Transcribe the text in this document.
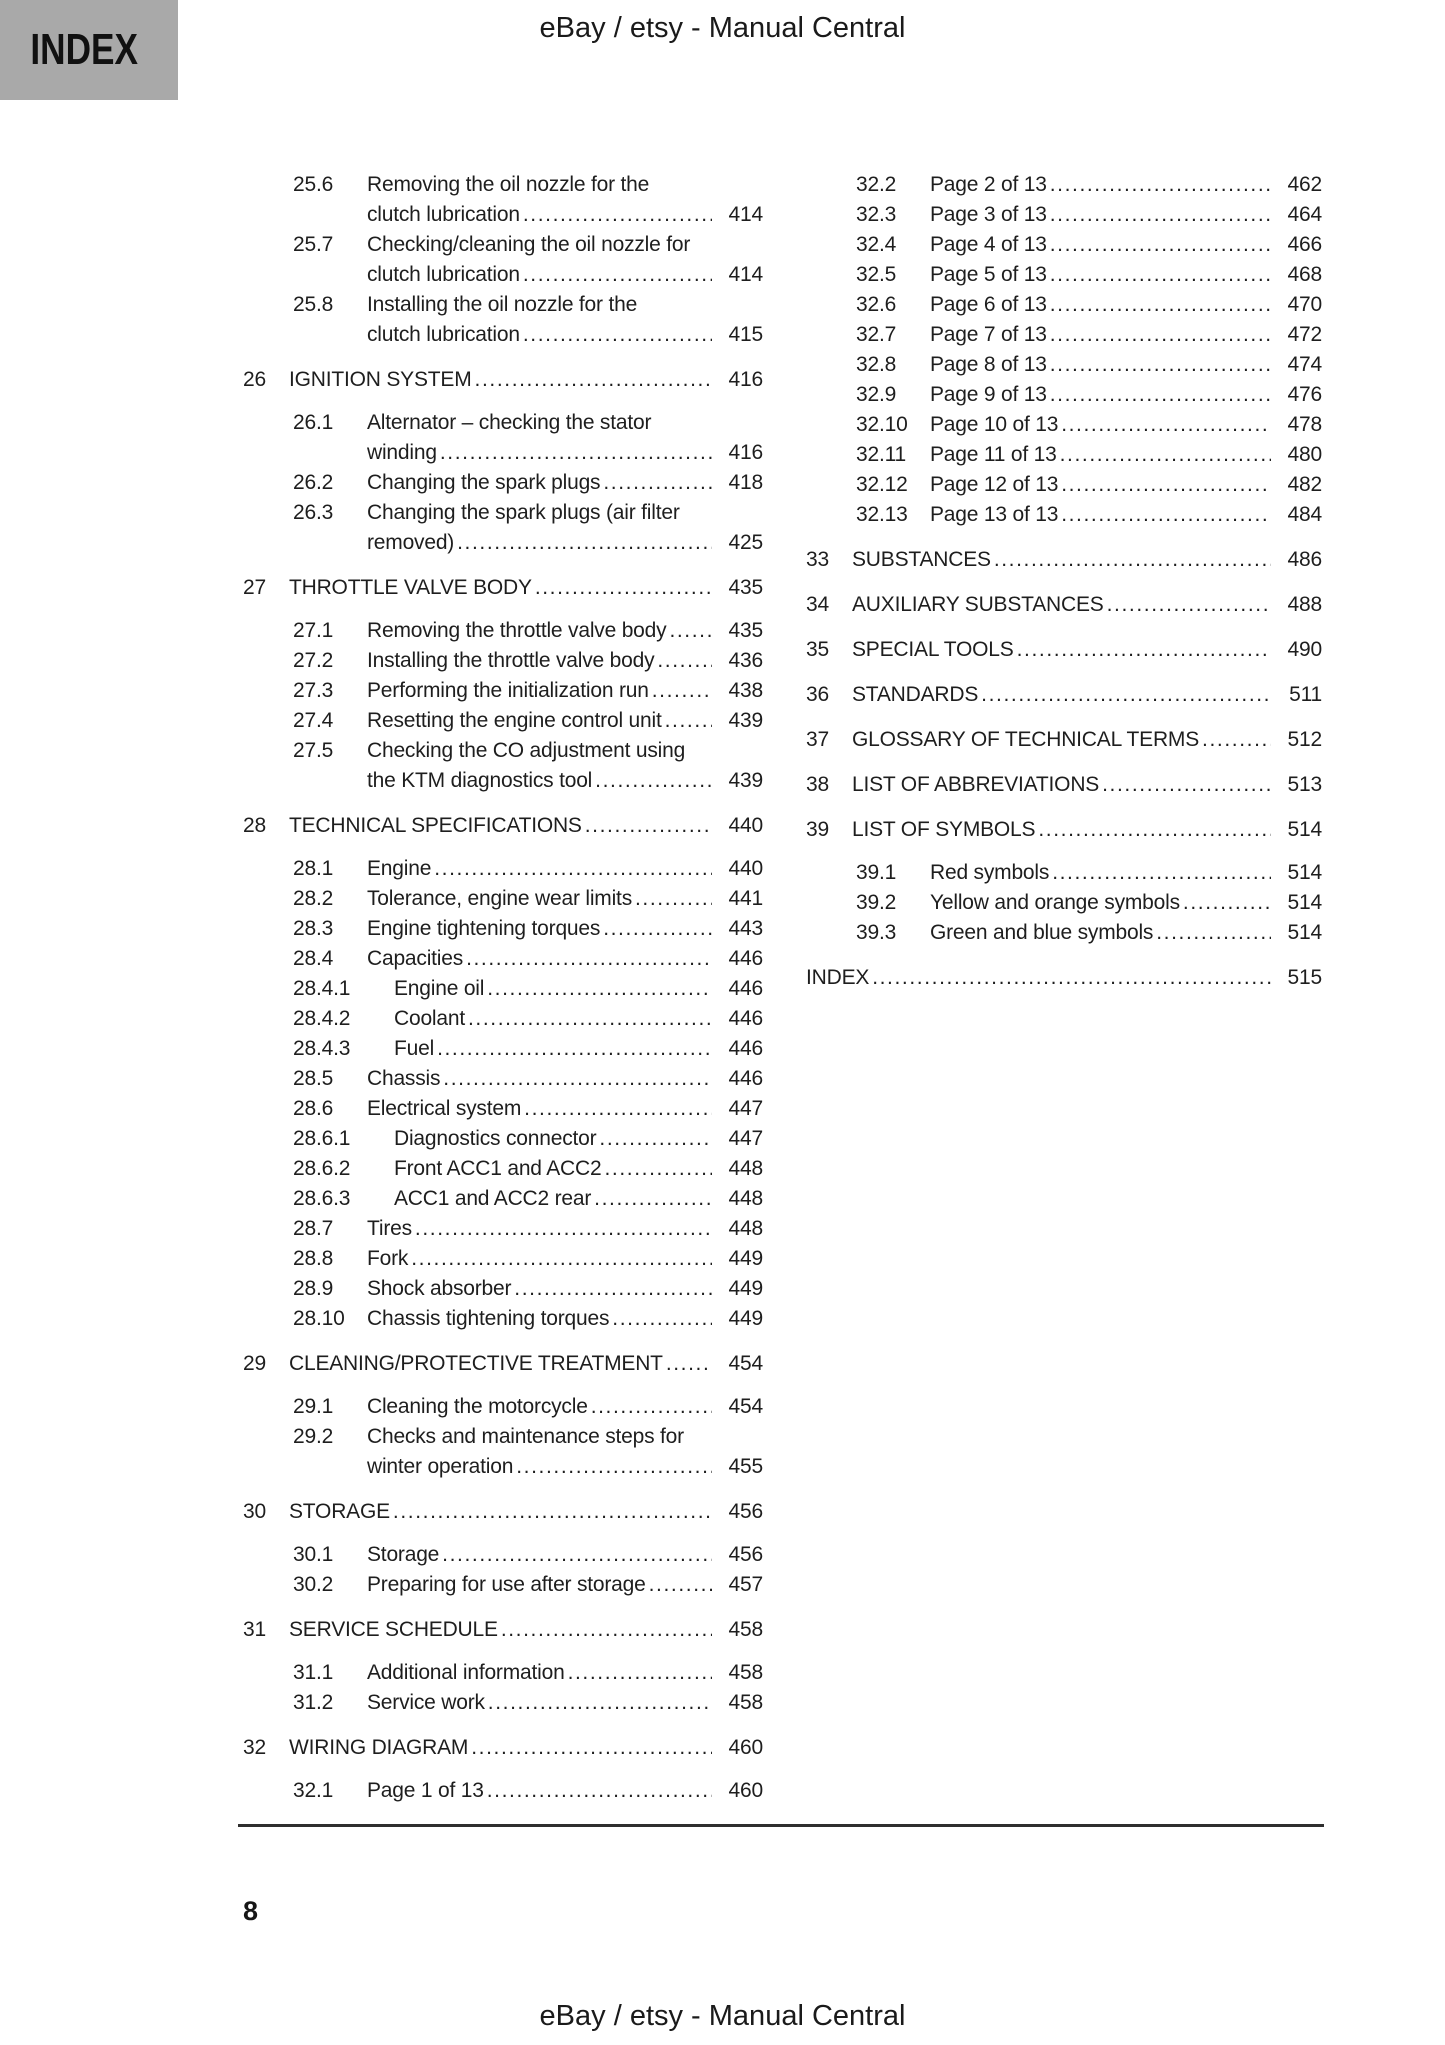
INDEX	eBay / etsy - Manual Central
25.6	Removing the oil nozzle for the
clutch lubrication .....	414
25.7	Checking/cleaning the oil nozzle for
clutch lubrication .....	414
25.8	Installing the oil nozzle for the
clutch lubrication .....	415
26	IGNITION SYSTEM .....	416
26.1	Alternator – checking the stator
winding .....	416
26.2	Changing the spark plugs .....	418
26.3	Changing the spark plugs (air filter
removed) .....	425
27	THROTTLE VALVE BODY .....	435
27.1	Removing the throttle valve body .....	435
27.2	Installing the throttle valve body .....	436
27.3	Performing the initialization run .....	438
27.4	Resetting the engine control unit .....	439
27.5	Checking the CO adjustment using
the KTM diagnostics tool .....	439
28	TECHNICAL SPECIFICATIONS .....	440
28.1	Engine .....	440
28.2	Tolerance, engine wear limits .....	441
28.3	Engine tightening torques .....	443
28.4	Capacities .....	446
28.4.1	Engine oil .....	446
28.4.2	Coolant .....	446
28.4.3	Fuel .....	446
28.5	Chassis .....	446
28.6	Electrical system .....	447
28.6.1	Diagnostics connector .....	447
28.6.2	Front ACC1 and ACC2 .....	448
28.6.3	ACC1 and ACC2 rear .....	448
28.7	Tires .....	448
28.8	Fork .....	449
28.9	Shock absorber .....	449
28.10	Chassis tightening torques .....	449
29	CLEANING/PROTECTIVE TREATMENT .....	454
29.1	Cleaning the motorcycle .....	454
29.2	Checks and maintenance steps for
winter operation .....	455
30	STORAGE .....	456
30.1	Storage .....	456
30.2	Preparing for use after storage .....	457
31	SERVICE SCHEDULE .....	458
31.1	Additional information .....	458
31.2	Service work .....	458
32	WIRING DIAGRAM .....	460
32.1	Page 1 of 13 .....	460
32.2	Page 2 of 13 .....	462
32.3	Page 3 of 13 .....	464
32.4	Page 4 of 13 .....	466
32.5	Page 5 of 13 .....	468
32.6	Page 6 of 13 .....	470
32.7	Page 7 of 13 .....	472
32.8	Page 8 of 13 .....	474
32.9	Page 9 of 13 .....	476
32.10	Page 10 of 13 .....	478
32.11	Page 11 of 13 .....	480
32.12	Page 12 of 13 .....	482
32.13	Page 13 of 13 .....	484
33	SUBSTANCES .....	486
34	AUXILIARY SUBSTANCES .....	488
35	SPECIAL TOOLS .....	490
36	STANDARDS .....	511
37	GLOSSARY OF TECHNICAL TERMS .....	512
38	LIST OF ABBREVIATIONS .....	513
39	LIST OF SYMBOLS .....	514
39.1	Red symbols .....	514
39.2	Yellow and orange symbols .....	514
39.3	Green and blue symbols .....	514
INDEX .....	515
8
eBay / etsy - Manual Central
